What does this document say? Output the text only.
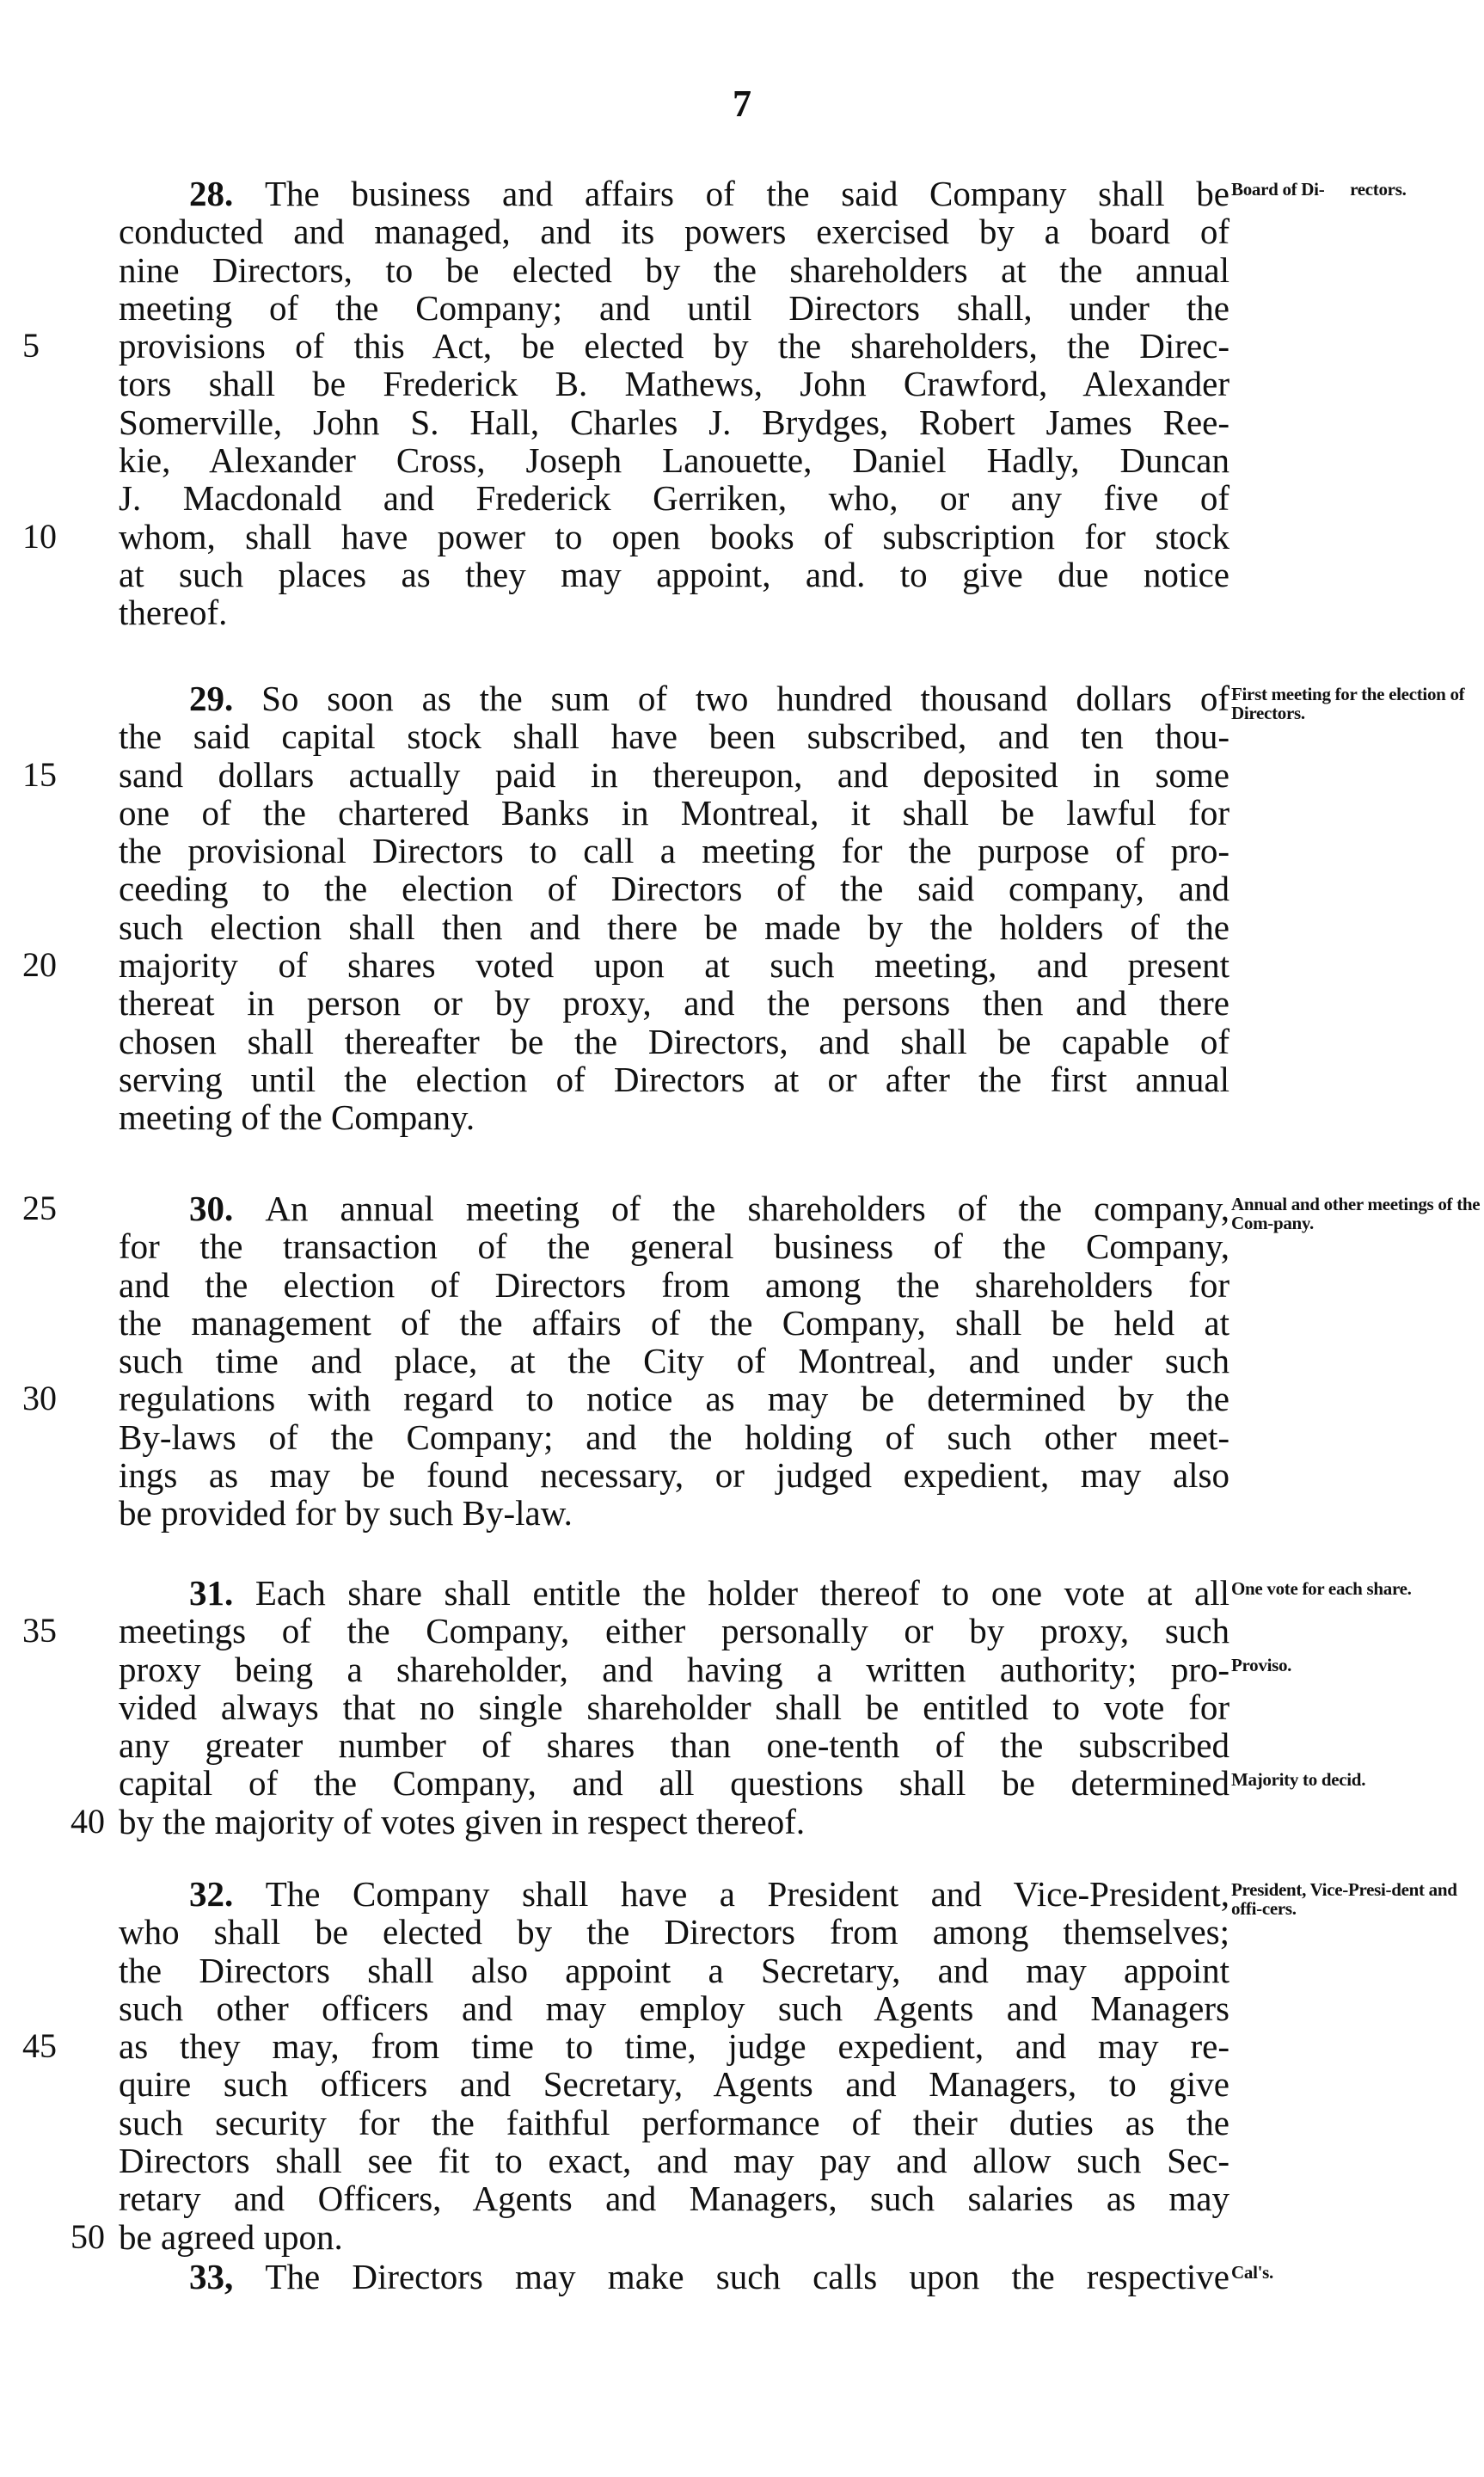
7
Board of Di-      rectors.
28. The business and affairs of the said Company shall be
conducted and managed, and its powers exercised by a board of
nine Directors, to be elected by the shareholders at the annual
meeting of the Company; and until Directors shall, under the
5	provisions of this Act, be elected by the shareholders, the Direc-
tors shall be Frederick B. Mathews, John Crawford, Alexander
Somerville, John S. Hall, Charles J. Brydges, Robert James Ree-
kie, Alexander Cross, Joseph Lanouette, Daniel Hadly, Duncan
J. Macdonald and Frederick Gerriken, who, or any five of
10	whom, shall have power to open books of subscription for stock
at such places as they may appoint, and. to give due notice
thereof.
First meeting for the election of Directors.
29. So soon as the sum of two hundred thousand dollars of
the said capital stock shall have been subscribed, and ten thou-
15	sand dollars actually paid in thereupon, and deposited in some
one of the chartered Banks in Montreal, it shall be lawful for
the provisional Directors to call a meeting for the purpose of pro-
ceeding to the election of Directors of the said company, and
such election shall then and there be made by the holders of the
20	majority of shares voted upon at such meeting, and present
thereat in person or by proxy, and the persons then and there
chosen shall thereafter be the Directors, and shall be capable of
serving until the election of Directors at or after the first annual
meeting of the Company.
Annual and other meetings of the Com-pany.
25	30. An annual meeting of the shareholders of the company,
for the transaction of the general business of the Company,
and the election of Directors from among the shareholders for
the management of the affairs of the Company, shall be held at
such time and place, at the City of Montreal, and under such
30	regulations with regard to notice as may be determined by the
By-laws of the Company; and the holding of such other meet-
ings as may be found necessary, or judged expedient, may also
be provided for by such By-law.
One vote for each share.
Proviso.
Majority to decid.
31. Each share shall entitle the holder thereof to one vote at all
35	meetings of the Company, either personally or by proxy, such
proxy being a shareholder, and having a written authority; pro-
vided always that no single shareholder shall be entitled to vote for
any greater number of shares than one-tenth of the subscribed
capital of the Company, and all questions shall be determined
40 by the majority of votes given in respect thereof.
President, Vice-Presi-dent and offi-cers.
32. The Company shall have a President and Vice-President,
who shall be elected by the Directors from among themselves;
the Directors shall also appoint a Secretary, and may appoint
such other officers and may employ such Agents and Managers
45	as they may, from time to time, judge expedient, and may re-
quire such officers and Secretary, Agents and Managers, to give
such security for the faithful performance of their duties as the
Directors shall see fit to exact, and may pay and allow such Sec-
retary and Officers, Agents and Managers, such salaries as may
50 be agreed upon.
Cal's.
33, The Directors may make such calls upon the respective
